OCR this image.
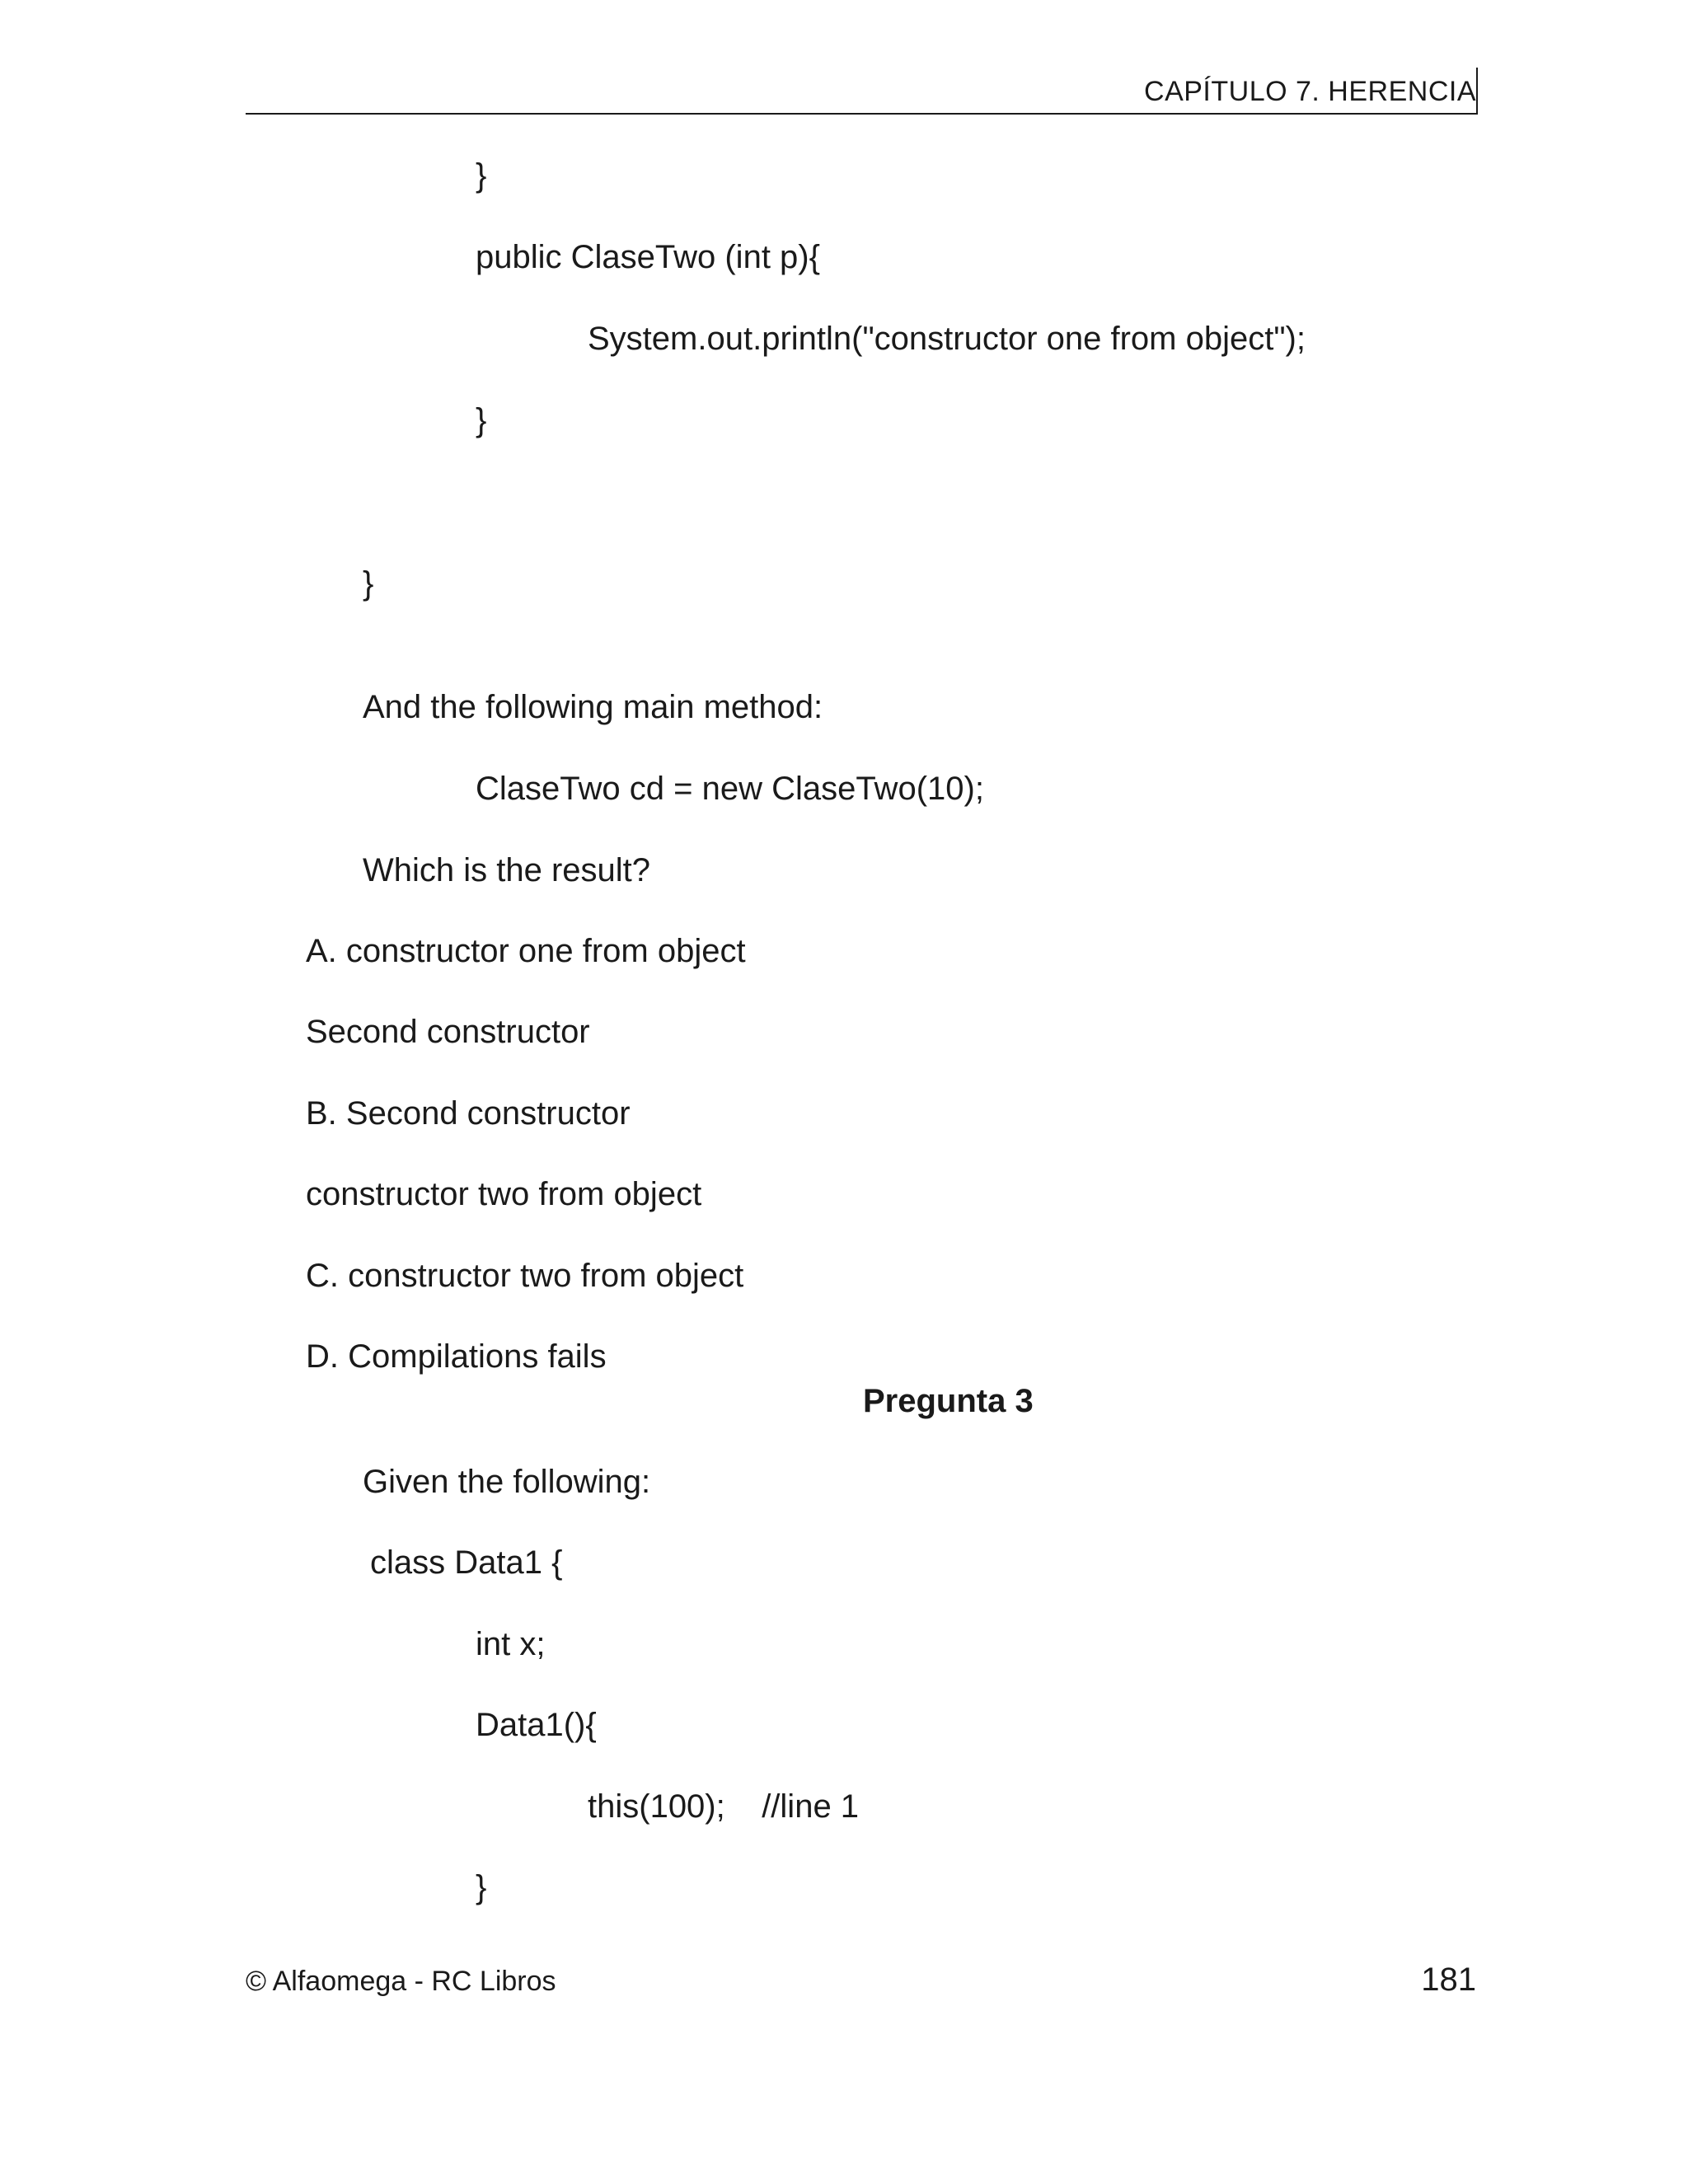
CAPÍTULO 7. HERENCIA
}
public ClaseTwo (int p){
System.out.println("constructor one from object");
}
}
And the following main method:
ClaseTwo cd = new ClaseTwo(10);
Which is the result?
A. constructor one from object
Second constructor
B. Second constructor
constructor two from object
C. constructor two from object
D. Compilations fails
Pregunta 3
Given the following:
class Data1 {
int x;
Data1(){
this(100);    //line 1
}
© Alfaomega - RC Libros	181
